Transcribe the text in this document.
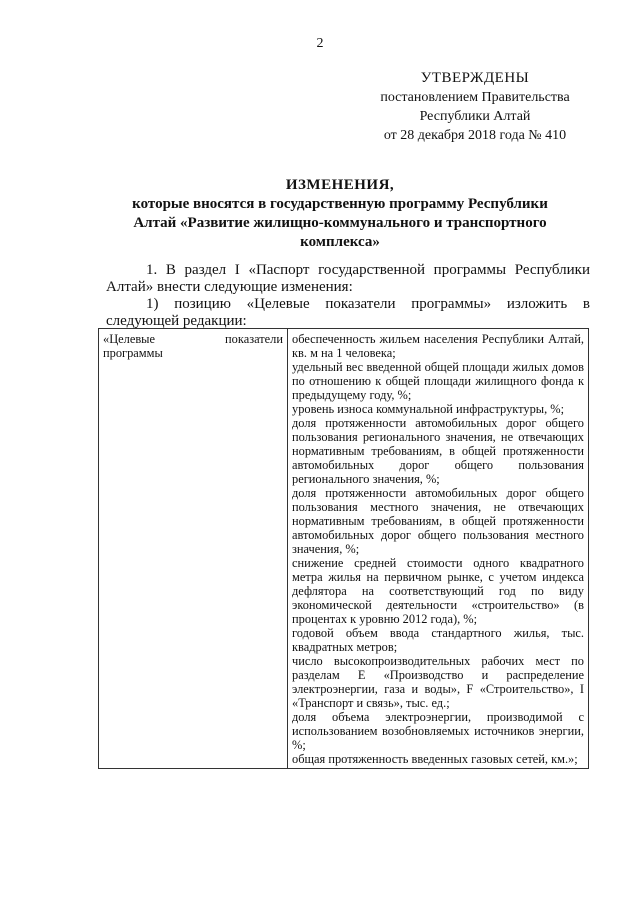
2
УТВЕРЖДЕНЫ
постановлением Правительства
Республики Алтай
от 28 декабря 2018 года № 410
ИЗМЕНЕНИЯ,
которые вносятся в государственную программу Республики Алтай «Развитие жилищно-коммунального и транспортного комплекса»
1. В раздел I «Паспорт государственной программы Республики Алтай» внести следующие изменения:
1) позицию «Целевые показатели программы» изложить в следующей редакции:
«Целевые	показатели
программы

обеспеченность жильем населения Республики Алтай, кв. м на 1 человека;
удельный вес введенной общей площади жилых домов по отношению к общей площади жилищного фонда к предыдущему году, %;
уровень износа коммунальной инфраструктуры, %;
доля протяженности автомобильных дорог общего пользования регионального значения, не отвечающих нормативным требованиям, в общей протяженности автомобильных дорог общего пользования регионального значения, %;
доля протяженности автомобильных дорог общего пользования местного значения, не отвечающих нормативным требованиям, в общей протяженности автомобильных дорог общего пользования местного значения, %;
снижение средней стоимости одного квадратного метра жилья на первичном рынке, с учетом индекса дефлятора на соответствующий год по виду экономической деятельности «строительство» (в процентах к уровню 2012 года), %;
годовой объем ввода стандартного жилья, тыс. квадратных метров;
число высокопроизводительных рабочих мест по разделам E «Производство и распределение электроэнергии, газа и воды», F «Строительство», I «Транспорт и связь», тыс. ед.;
доля объема электроэнергии, производимой с использованием возобновляемых источников энергии, %;
общая протяженность введенных газовых сетей, км.»;
